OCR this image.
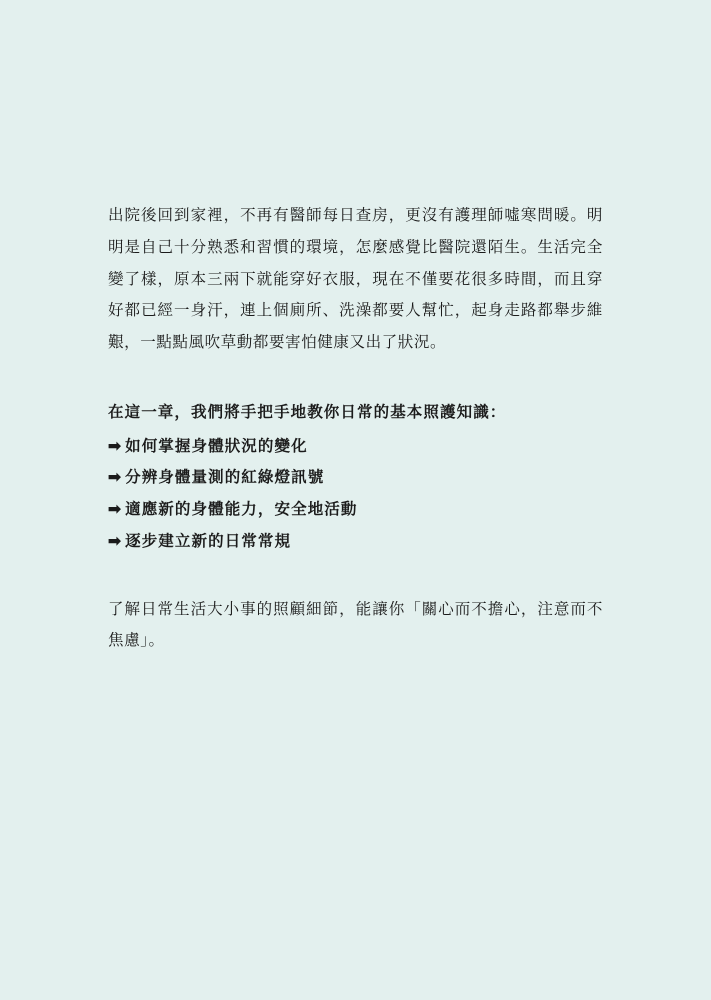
出院後回到家裡，不再有醫師每日查房，更沒有護理師噓寒問暖。明明是自己十分熟悉和習慣的環境，怎麼感覺比醫院還陌生。生活完全變了樣，原本三兩下就能穿好衣服，現在不僅要花很多時間，而且穿好都已經一身汗，連上個廁所、洗澡都要人幫忙，起身走路都舉步維艱，一點點風吹草動都要害怕健康又出了狀況。

在這一章，我們將手把手地教你日常的基本照護知識：

➡ 如何掌握身體狀況的變化

➡ 分辨身體量測的紅綠燈訊號

➡ 適應新的身體能力，安全地活動

➡ 逐步建立新的日常常規

了解日常生活大小事的照顧細節，能讓你「關心而不擔心，注意而不焦慮」。
